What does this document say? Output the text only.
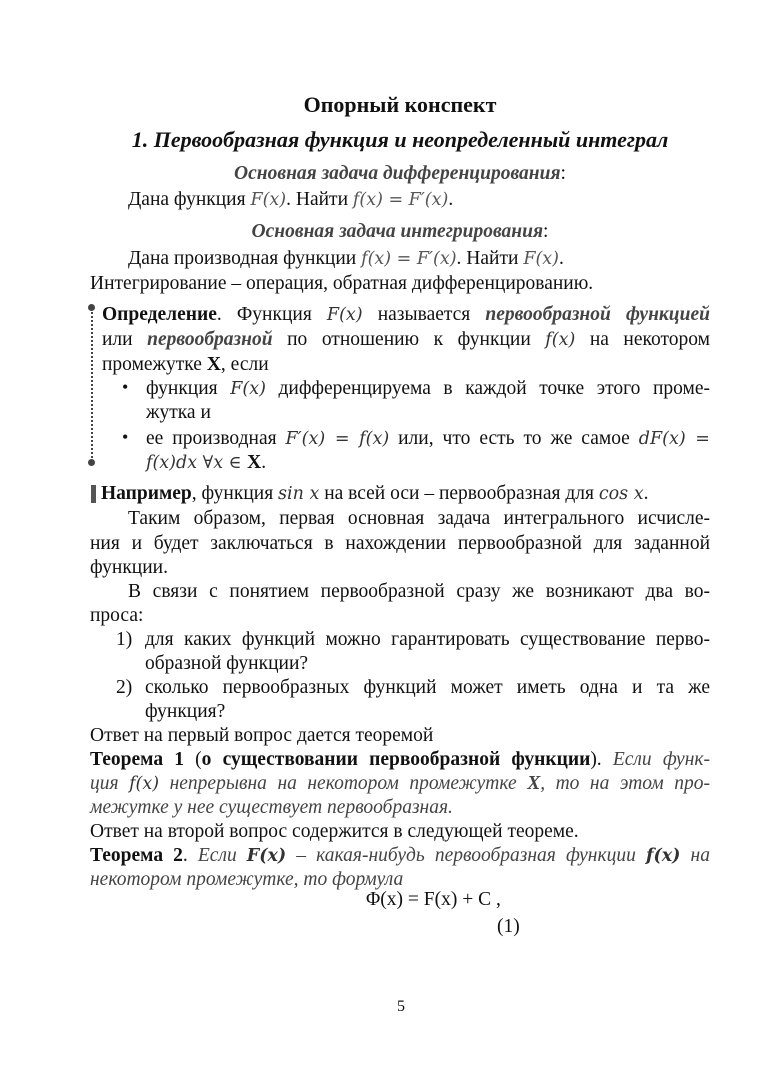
Опорный конспект
1. Первообразная функция и неопределенный интеграл
Основная задача дифференцирования:
Дана функция F(x). Найти f(x) = F′(x).
Основная задача интегрирования:
Дана производная функции f(x) = F′(x). Найти F(x).
Интегрирование – операция, обратная дифференцированию.
Определение. Функция F(x) называется первообразной функцией
или первообразной по отношению к функции f(x) на некотором
промежутке X, если
• функция F(x) дифференцируема в каждой точке этого проме-
жутка и
• ее производная F′(x) = f(x) или, что есть то же самое dF(x) =
f(x)dx ∀x ∈ X.
Например, функция sin x на всей оси – первообразная для cos x.
Таким образом, первая основная задача интегрального исчисле-
ния и будет заключаться в нахождении первообразной для заданной
функции.
В связи с понятием первообразной сразу же возникают два во-
проса:
1) для каких функций можно гарантировать существование перво-
образной функции?
2) сколько первообразных функций может иметь одна и та же
функция?
Ответ на первый вопрос дается теоремой
Теорема 1 (о существовании первообразной функции). Если функ-
ция f(x) непрерывна на некотором промежутке X, то на этом про-
межутке у нее существует первообразная.
Ответ на второй вопрос содержится в следующей теореме.
Теорема 2. Если F(x) – какая-нибудь первообразная функции f(x) на
некотором промежутке, то формула
Φ(x) = F(x) + C ,
(1)
5
